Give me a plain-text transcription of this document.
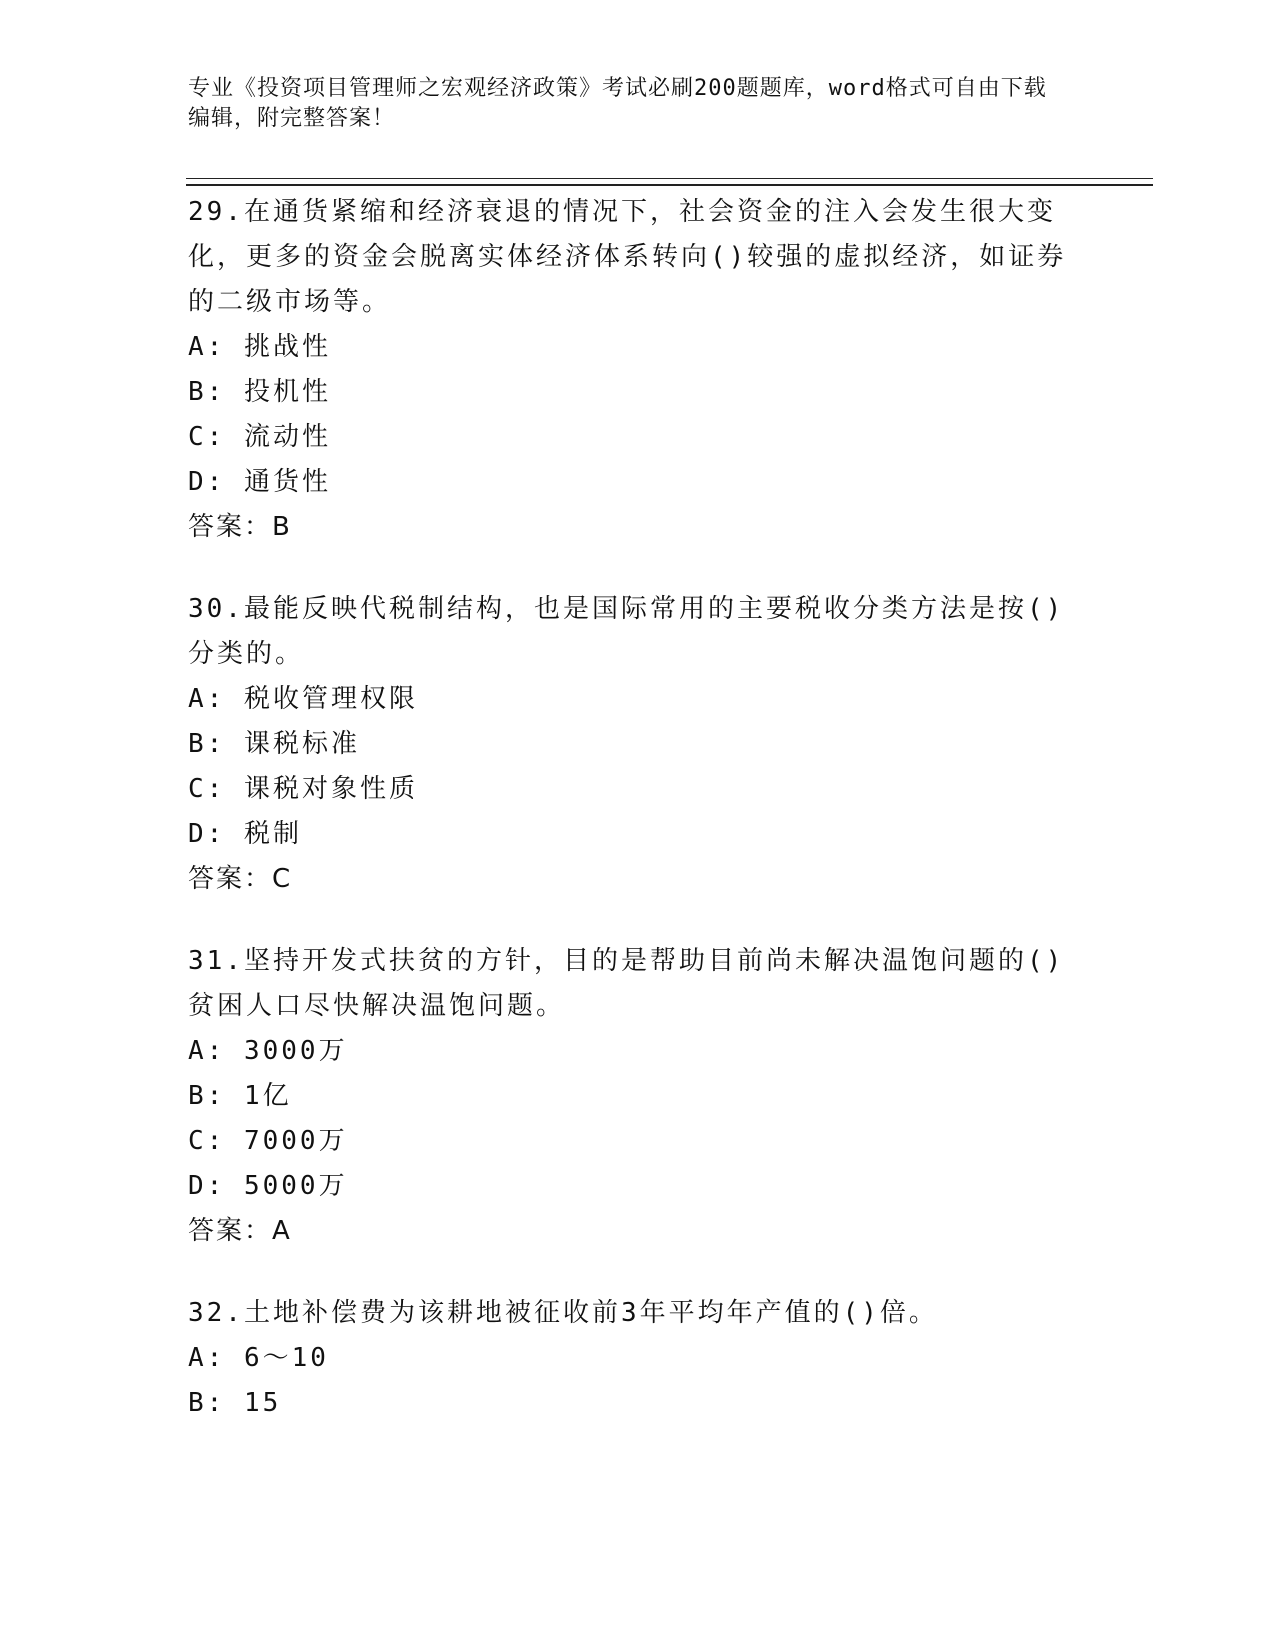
专业《投资项目管理师之宏观经济政策》考试必刷200题题库，word格式可自由下载编辑，附完整答案！

29.在通货紧缩和经济衰退的情况下，社会资金的注入会发生很大变化，更多的资金会脱离实体经济体系转向()较强的虚拟经济，如证券的二级市场等。

A: 挑战性

B: 投机性

C: 流动性

D: 通货性

答案：B

30.最能反映代税制结构，也是国际常用的主要税收分类方法是按()分类的。

A: 税收管理权限

B: 课税标准

C: 课税对象性质

D: 税制

答案：C

31.坚持开发式扶贫的方针，目的是帮助目前尚未解决温饱问题的()贫困人口尽快解决温饱问题。

A: 3000万

B: 1亿

C: 7000万

D: 5000万

答案：A

32.土地补偿费为该耕地被征收前3年平均年产值的()倍。

A: 6～10

B: 15
